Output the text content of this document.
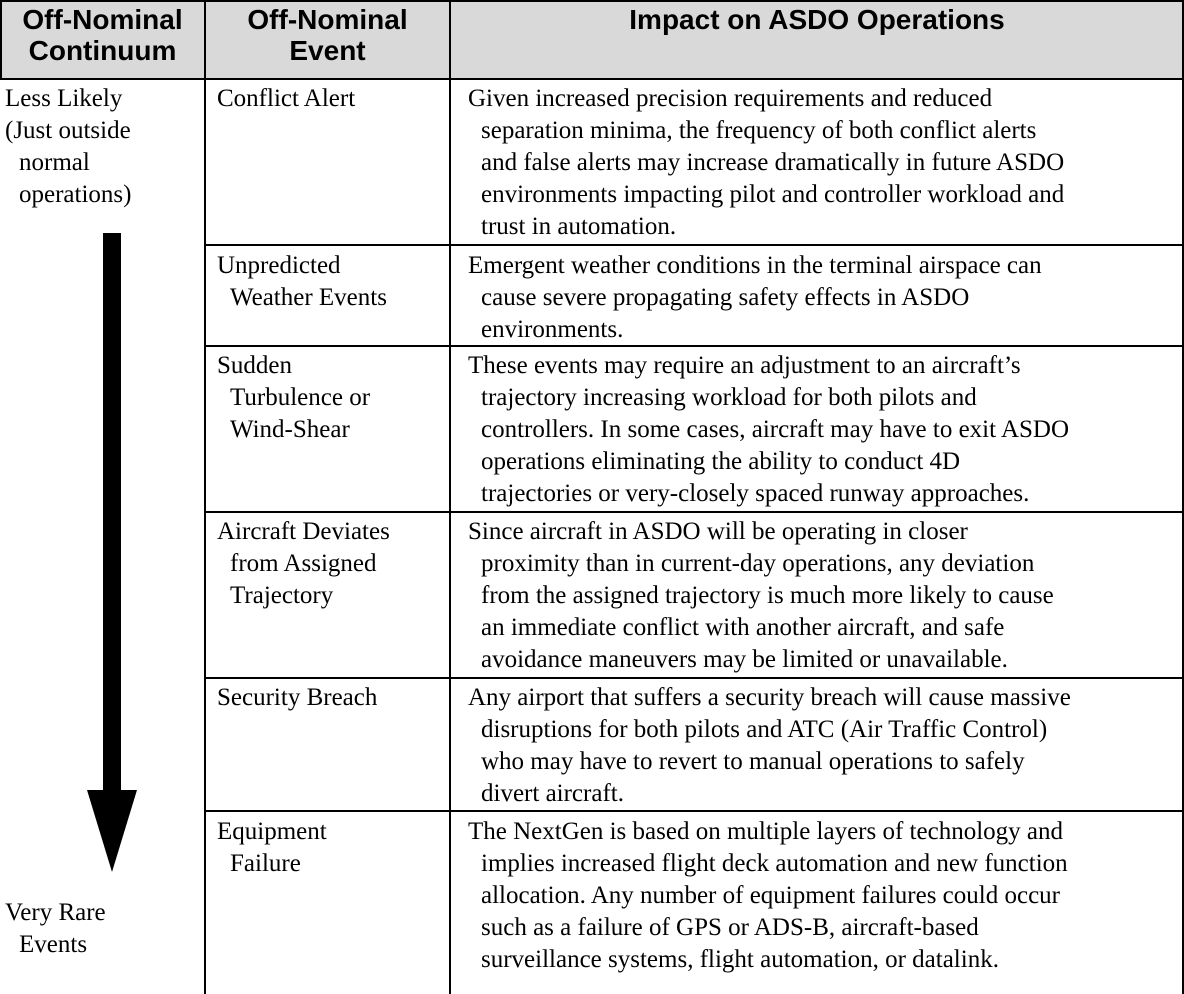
Off-Nominal
Continuum
Off-Nominal
Event
Impact on ASDO Operations
Less Likely
(Just outside
normal
operations)
Very Rare
Events
Conflict Alert	Given increased precision requirements and reduced
separation minima, the frequency of both conflict alerts
and false alerts may increase dramatically in future ASDO
environments impacting pilot and controller workload and
trust in automation.
Unpredicted
Weather Events
Emergent weather conditions in the terminal airspace can
cause severe propagating safety effects in ASDO
environments.
Sudden
Turbulence or
Wind-Shear
These events may require an adjustment to an aircraft’s
trajectory increasing workload for both pilots and
controllers. In some cases, aircraft may have to exit ASDO
operations eliminating the ability to conduct 4D
trajectories or very-closely spaced runway approaches.
Aircraft Deviates
from Assigned
Trajectory
Since aircraft in ASDO will be operating in closer
proximity than in current-day operations, any deviation
from the assigned trajectory is much more likely to cause
an immediate conflict with another aircraft, and safe
avoidance maneuvers may be limited or unavailable.
Security Breach	Any airport that suffers a security breach will cause massive
disruptions for both pilots and ATC (Air Traffic Control)
who may have to revert to manual operations to safely
divert aircraft.
Equipment
Failure
The NextGen is based on multiple layers of technology and
implies increased flight deck automation and new function
allocation. Any number of equipment failures could occur
such as a failure of GPS or ADS-B, aircraft-based
surveillance systems, flight automation, or datalink.
